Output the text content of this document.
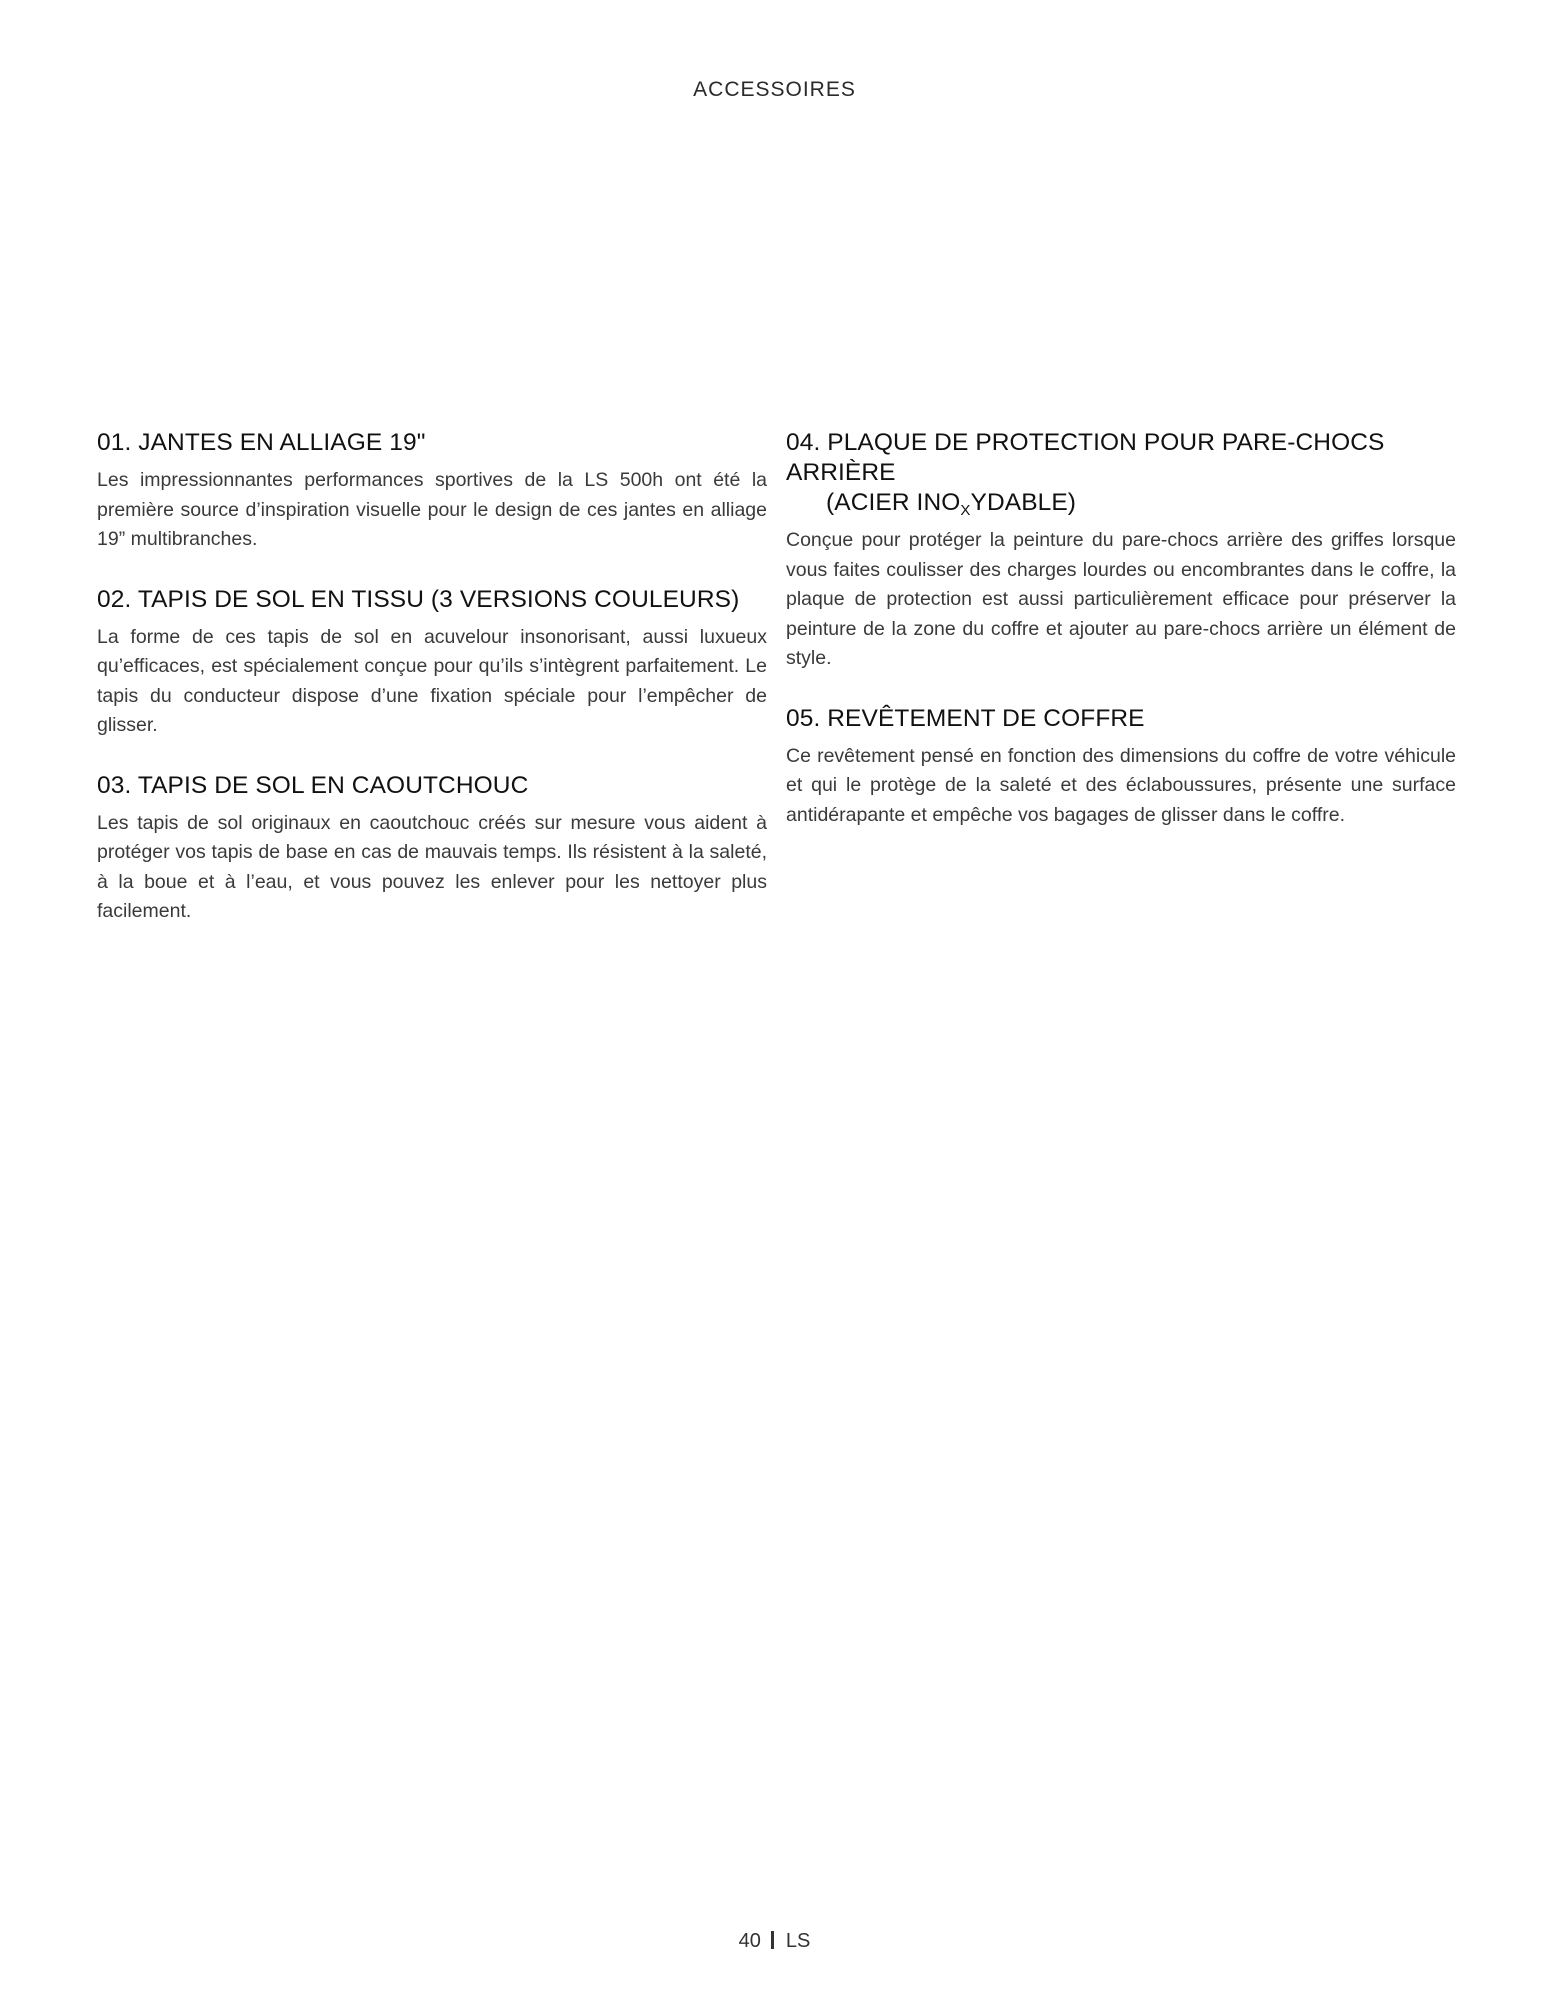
ACCESSOIRES
01. JANTES EN ALLIAGE 19"

Les impressionnantes performances sportives de la LS 500h ont été la première source d’inspiration visuelle pour le design de ces jantes en alliage 19” multibranches.

02. TAPIS DE SOL EN TISSU (3 VERSIONS COULEURS)

La forme de ces tapis de sol en acuvelour insonorisant, aussi luxueux qu’efficaces, est spécialement conçue pour qu’ils s’intègrent parfaitement. Le tapis du conducteur dispose d’une fixation spéciale pour l’empêcher de glisser.

03. TAPIS DE SOL EN CAOUTCHOUC

Les tapis de sol originaux en caoutchouc créés sur mesure vous aident à protéger vos tapis de base en cas de mauvais temps. Ils résistent à la saleté, à la boue et à l’eau, et vous pouvez les enlever pour les nettoyer plus facilement.

04. PLAQUE DE PROTECTION POUR PARE-CHOCS ARRIÈRE
(ACIER $INO_XYDABLE$)

Conçue pour protéger la peinture du pare-chocs arrière des griffes lorsque vous faites coulisser des charges lourdes ou encombrantes dans le coffre, la plaque de protection est aussi particulièrement efficace pour préserver la peinture de la zone du coffre et ajouter au pare-chocs arrière un élément de style.

05. REVÊTEMENT DE COFFRE

Ce revêtement pensé en fonction des dimensions du coffre de votre véhicule et qui le protège de la saleté et des éclaboussures, présente une surface antidérapante et empêche vos bagages de glisser dans le coffre.

40 LS
